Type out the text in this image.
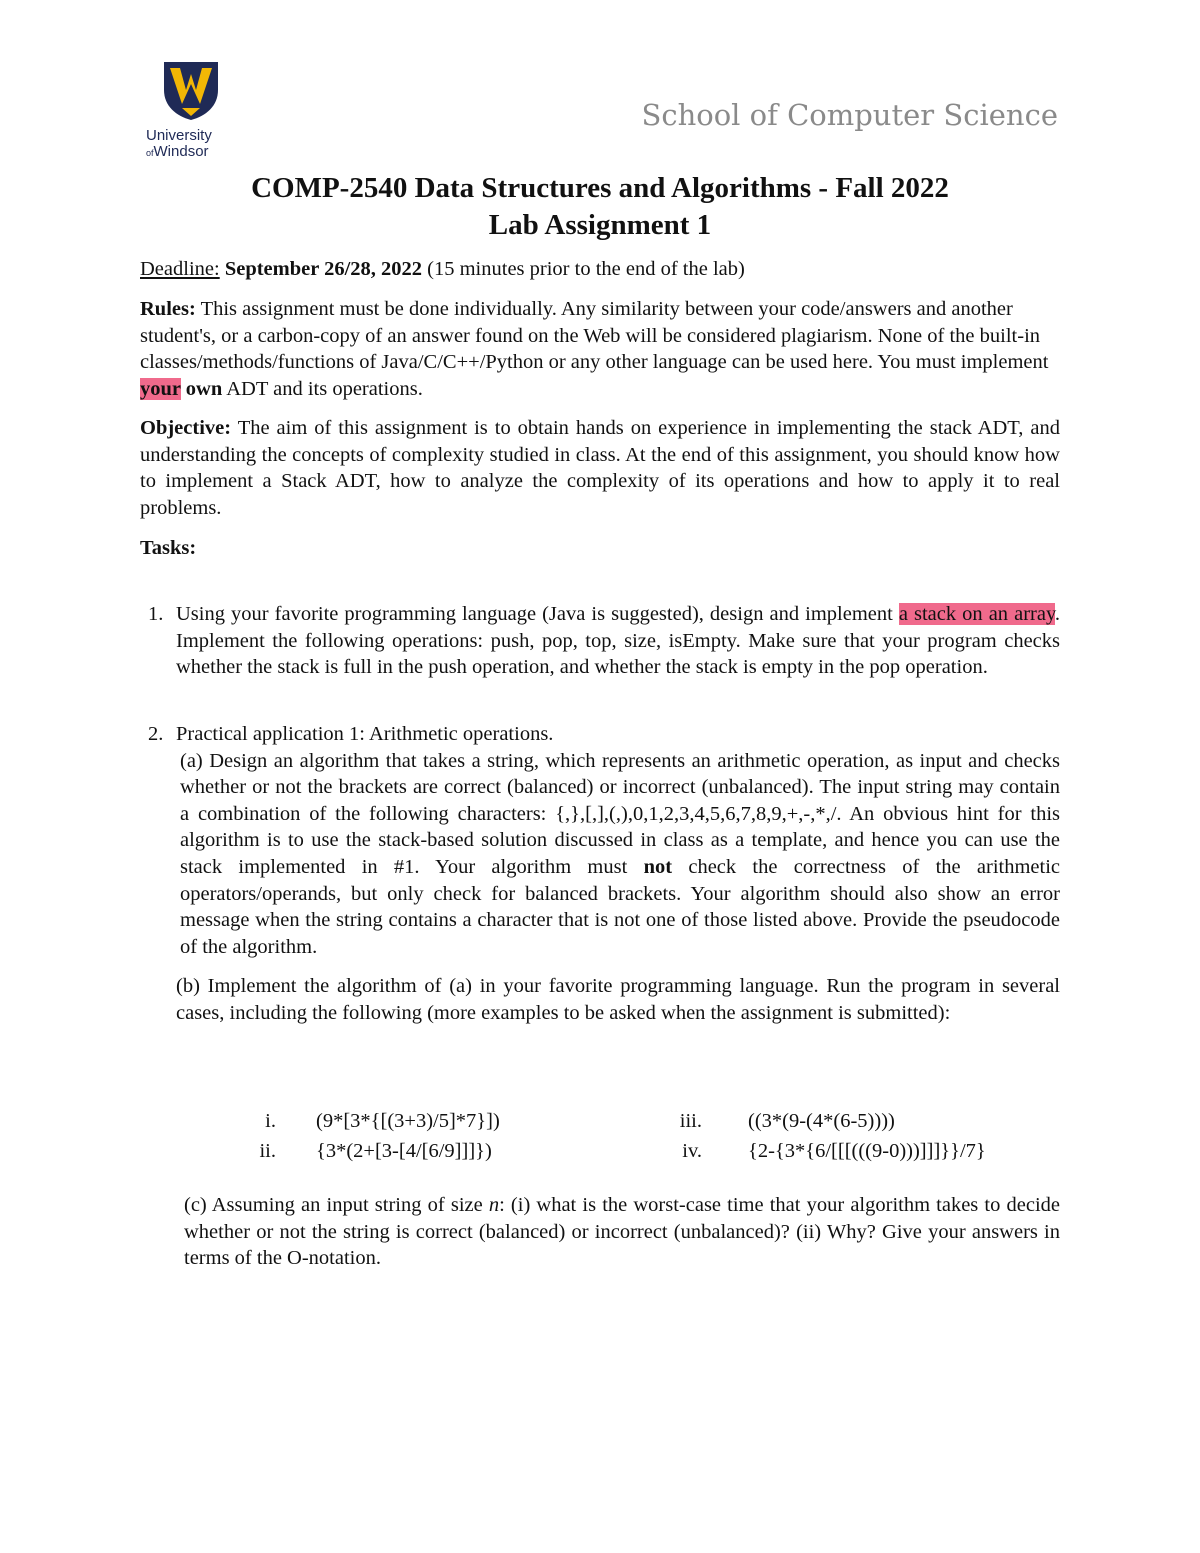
University
ofWindsor
School of Computer Science
COMP-2540 Data Structures and Algorithms - Fall 2022
Lab Assignment 1
Deadline: September 26/28, 2022 (15 minutes prior to the end of the lab)
Rules: This assignment must be done individually. Any similarity between your code/answers and another student's, or a carbon-copy of an answer found on the Web will be considered plagiarism. None of the built-in classes/methods/functions of Java/C/C++/Python or any other language can be used here. You must implement your own ADT and its operations.
Objective: The aim of this assignment is to obtain hands on experience in implementing the stack ADT, and understanding the concepts of complexity studied in class. At the end of this assignment, you should know how to implement a Stack ADT, how to analyze the complexity of its operations and how to apply it to real problems.
Tasks:
1. Using your favorite programming language (Java is suggested), design and implement a stack on an array. Implement the following operations: push, pop, top, size, isEmpty. Make sure that your program checks whether the stack is full in the push operation, and whether the stack is empty in the pop operation.
2. Practical application 1: Arithmetic operations.
(a) Design an algorithm that takes a string, which represents an arithmetic operation, as input and checks whether or not the brackets are correct (balanced) or incorrect (unbalanced). The input string may contain a combination of the following characters: {,},[,],(,),0,1,2,3,4,5,6,7,8,9,+,-,*,/. An obvious hint for this algorithm is to use the stack-based solution discussed in class as a template, and hence you can use the stack implemented in #1. Your algorithm must not check the correctness of the arithmetic operators/operands, but only check for balanced brackets. Your algorithm should also show an error message when the string contains a character that is not one of those listed above. Provide the pseudocode of the algorithm.
(b) Implement the algorithm of (a) in your favorite programming language. Run the program in several cases, including the following (more examples to be asked when the assignment is submitted):
i. (9*[3*{[(3+3)/5]*7}])	iii. ((3*(9-(4*(6-5))))
ii. {3*(2+[3-[4/[6/9]]]})	iv. {2-{3*{6/[[[(((9-0)))]]]}}/7}
(c) Assuming an input string of size n: (i) what is the worst-case time that your algorithm takes to decide whether or not the string is correct (balanced) or incorrect (unbalanced)? (ii) Why? Give your answers in terms of the O-notation.
